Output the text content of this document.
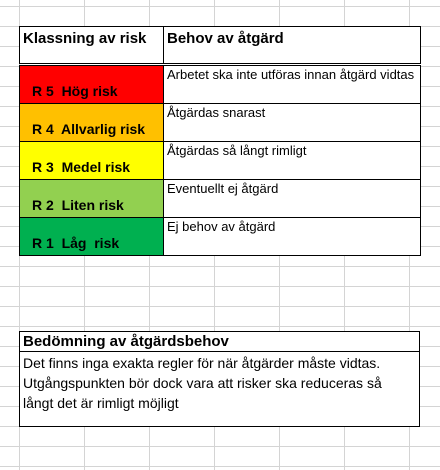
Klassning av risk	Behov av åtgärd

R 5  Hög risk	Arbetet ska inte utföras innan åtgärd vidtas

R 4  Allvarlig risk	Åtgärdas snarast

R 3  Medel risk	Åtgärdas så långt rimligt

R 2  Liten risk	Eventuellt ej åtgärd

R 1  Låg  risk	Ej behov av åtgärd
Bedömning av åtgärdsbehov
Det finns inga exakta regler för när åtgärder måste vidtas. Utgångspunkten bör dock vara att risker ska reduceras så långt det är rimligt möjligt
